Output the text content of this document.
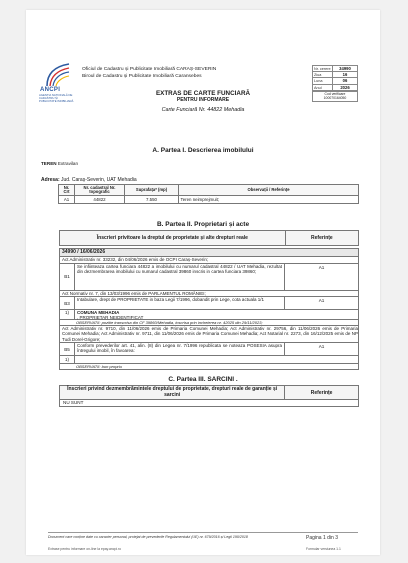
ANCPI
AGENȚIA NAȚIONALĂ DE CADASTRU ȘI PUBLICITATE IMOBILIARĂ
Oficiul de Cadastru și Publicitate Imobiliară CARAȘ-SEVERIN
Biroul de Cadastru și Publicitate Imobiliară Caransebes
Nr. cerere	34990
Ziua	16
Luna	06
Anul	2026
Cod verificare
100070164050
EXTRAS DE CARTE FUNCIARĂ
PENTRU INFORMARE
Carte Funciară Nr. 44822 Mehadia
A. Partea I. Descrierea imobilului
TEREN Extravilan
Adresa: Jud. Caraș-Severin, UAT Mehadia
Nr. Crt	Nr. cadastral Nr. topografic	Suprafața* (mp)	Observații / Referințe
A1	44822	7.550	Teren neimprejmuit;
B. Partea II. Proprietari și acte
Înscrieri privitoare la dreptul de proprietate și alte drepturi reale	Referințe
34990 / 16/06/2026
Act Administrativ nr. 33232, din 04/06/2026 emis de OCPI Caraș-Severin;
B1
Se infiinteaza cartea funciara 44822 a imobilului cu numarul cadastral 44822 / UAT Mehadia, rezultat din dezmembrarea imobilului cu numarul cadastral 39860 inscris in cartea funciara 39860;
A1
Act Normativ nr. 7, din 13/03/1996 emis de PARLAMENTUL ROMÂNIEI;
B3
Intabulare, drept de PROPRIETATE in baza Legii 7/1996, dobandit prin Lege, cota actuala 1/1	A1
1)	COMUNA MEHADIA
, PROPRIETAR NEIDENTIFICAT
OBSERVATII: pozitie transcrisa din CF 39860/Mehadia, inscrisa prin incheierea nr. 42025 din 29/11/2023;
Act Administrativ nr. 9710, din 11/06/2026 emis de Primaria Comunei Mehadia; Act Administrativ nr. 29756, din 11/06/2026 emis de Primaria Comunei Mehadia; Act Administrativ nr. 9711, din 11/06/2026 emis de Primaria Comunei Mehadia; Act Notarial nr. 2273, din 16/12/2025 emis de NP Tudi Dorel-Grigore;
B5
Conform prevederilor art. 41, alin. (8) din Legea nr. 7/1996 republicata se noteaza POSESIA asupra întregului imobil, în favoarea:
A1
1)
OBSERVATII: bun propriu
C. Partea III. SARCINI .
Înscrieri privind dezmembrămintele dreptului de proprietate, drepturi reale de garanție și sarcini	Referințe
NU SUNT
Document care conține date cu caracter personal, protejat de prevederile Regulamentului (UE) nr. 679/2016 și Legii 190/2018	Pagina 1 din 3
Extrase pentru informare on-line la epay.ancpi.ro	Formular versiunea 1.1
